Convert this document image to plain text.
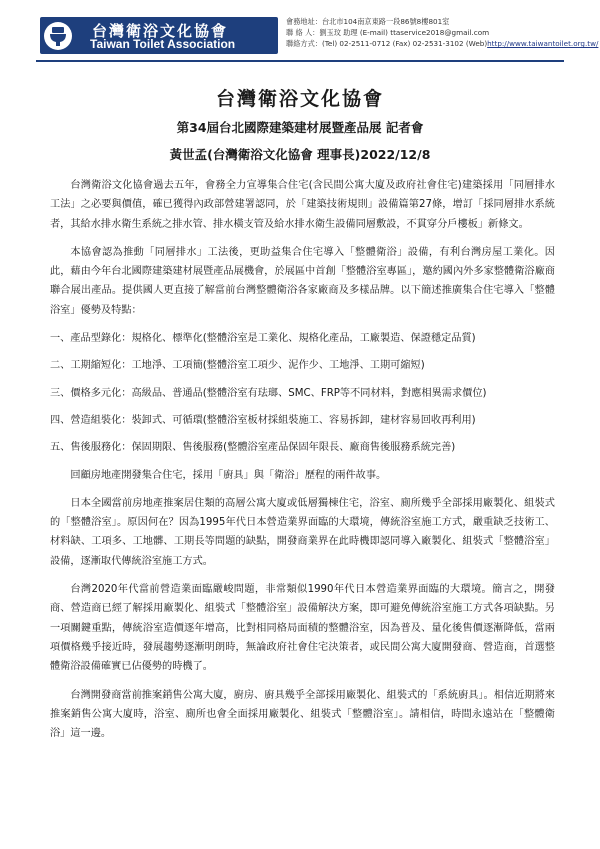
台灣衛浴文化協會
Taiwan Toilet Association
會務地址：台北市104南京東路一段86號8樓801室
聯 絡 人：劉玉玟 助理 (E-mail) ttaservice2018@gmail.com
聯絡方式：(Tel) 02-2511-0712 (Fax) 02-2531-3102 (Web)http://www.taiwantoilet.org.tw/
台灣衛浴文化協會
第34屆台北國際建築建材展暨產品展 記者會
黃世孟(台灣衛浴文化協會 理事長)2022/12/8

台灣衛浴文化協會過去五年，會務全力宣導集合住宅(含民間公寓大廈及政府社會住宅)建築採用「同層排水工法」之必要與價值，確已獲得內政部營建署認同，於「建築技術規則」設備篇第27條，增訂「採同層排水系統者，其給水排水衛生系統之排水管、排水橫支管及給水排水衛生設備同層敷設，不貫穿分戶樓板」新條文。

本協會認為推動「同層排水」工法後，更助益集合住宅導入「整體衛浴」設備，有利台灣房屋工業化。因此，藉由今年台北國際建築建材展暨產品展機會，於展區中首創「整體浴室專區」，邀約國內外多家整體衛浴廠商聯合展出產品。提供國人更直接了解當前台灣整體衛浴各家廠商及多樣品牌。以下簡述推廣集合住宅導入「整體浴室」優勢及特點：

一、產品型錄化：規格化、標準化(整體浴室是工業化、規格化產品，工廠製造、保證穩定品質)

二、工期縮短化：工地淨、工項簡(整體浴室工項少、泥作少、工地淨、工期可縮短)

三、價格多元化：高級品、普通品(整體浴室有珐瑯、SMC、FRP等不同材料，對應相異需求價位)

四、營造組裝化：裝卸式、可循環(整體浴室板材採組裝施工、容易拆卸，建材容易回收再利用)

五、售後服務化：保固期限、售後服務(整體浴室產品保固年限長、廠商售後服務系統完善)

回顧房地產開發集合住宅，採用「廚具」與「衛浴」歷程的兩件故事。

日本全國當前房地產推案居住類的高層公寓大廈或低層獨棟住宅，浴室、廁所幾乎全部採用廠製化、組裝式的「整體浴室」。原因何在？因為1995年代日本營造業界面臨的大環境，傳統浴室施工方式，嚴重缺乏技術工、材料缺、工項多、工地髒、工期長等問題的缺點，開發商業界在此時機即認同導入廠製化、組裝式「整體浴室」設備，逐漸取代傳統浴室施工方式。

台灣2020年代當前營造業面臨嚴峻問題，非常類似1990年代日本營造業界面臨的大環境。簡言之，開發商、營造商已經了解採用廠製化、組裝式「整體浴室」設備解決方案，即可避免傳統浴室施工方式各項缺點。另一項關鍵重點，傳統浴室造價逐年增高，比對相同格局面積的整體浴室，因為普及、量化後售價逐漸降低，當兩項價格幾乎接近時，發展趨勢逐漸明朗時，無論政府社會住宅決策者，或民間公寓大廈開發商、營造商，首選整體衛浴設備確實已佔優勢的時機了。

台灣開發商當前推案銷售公寓大廈，廚房、廚具幾乎全部採用廠製化、組裝式的「系統廚具」。相信近期將來推案銷售公寓大廈時，浴室、廁所也會全面採用廠製化、組裝式「整體浴室」。請相信，時間永遠站在「整體衛浴」這一邊。
